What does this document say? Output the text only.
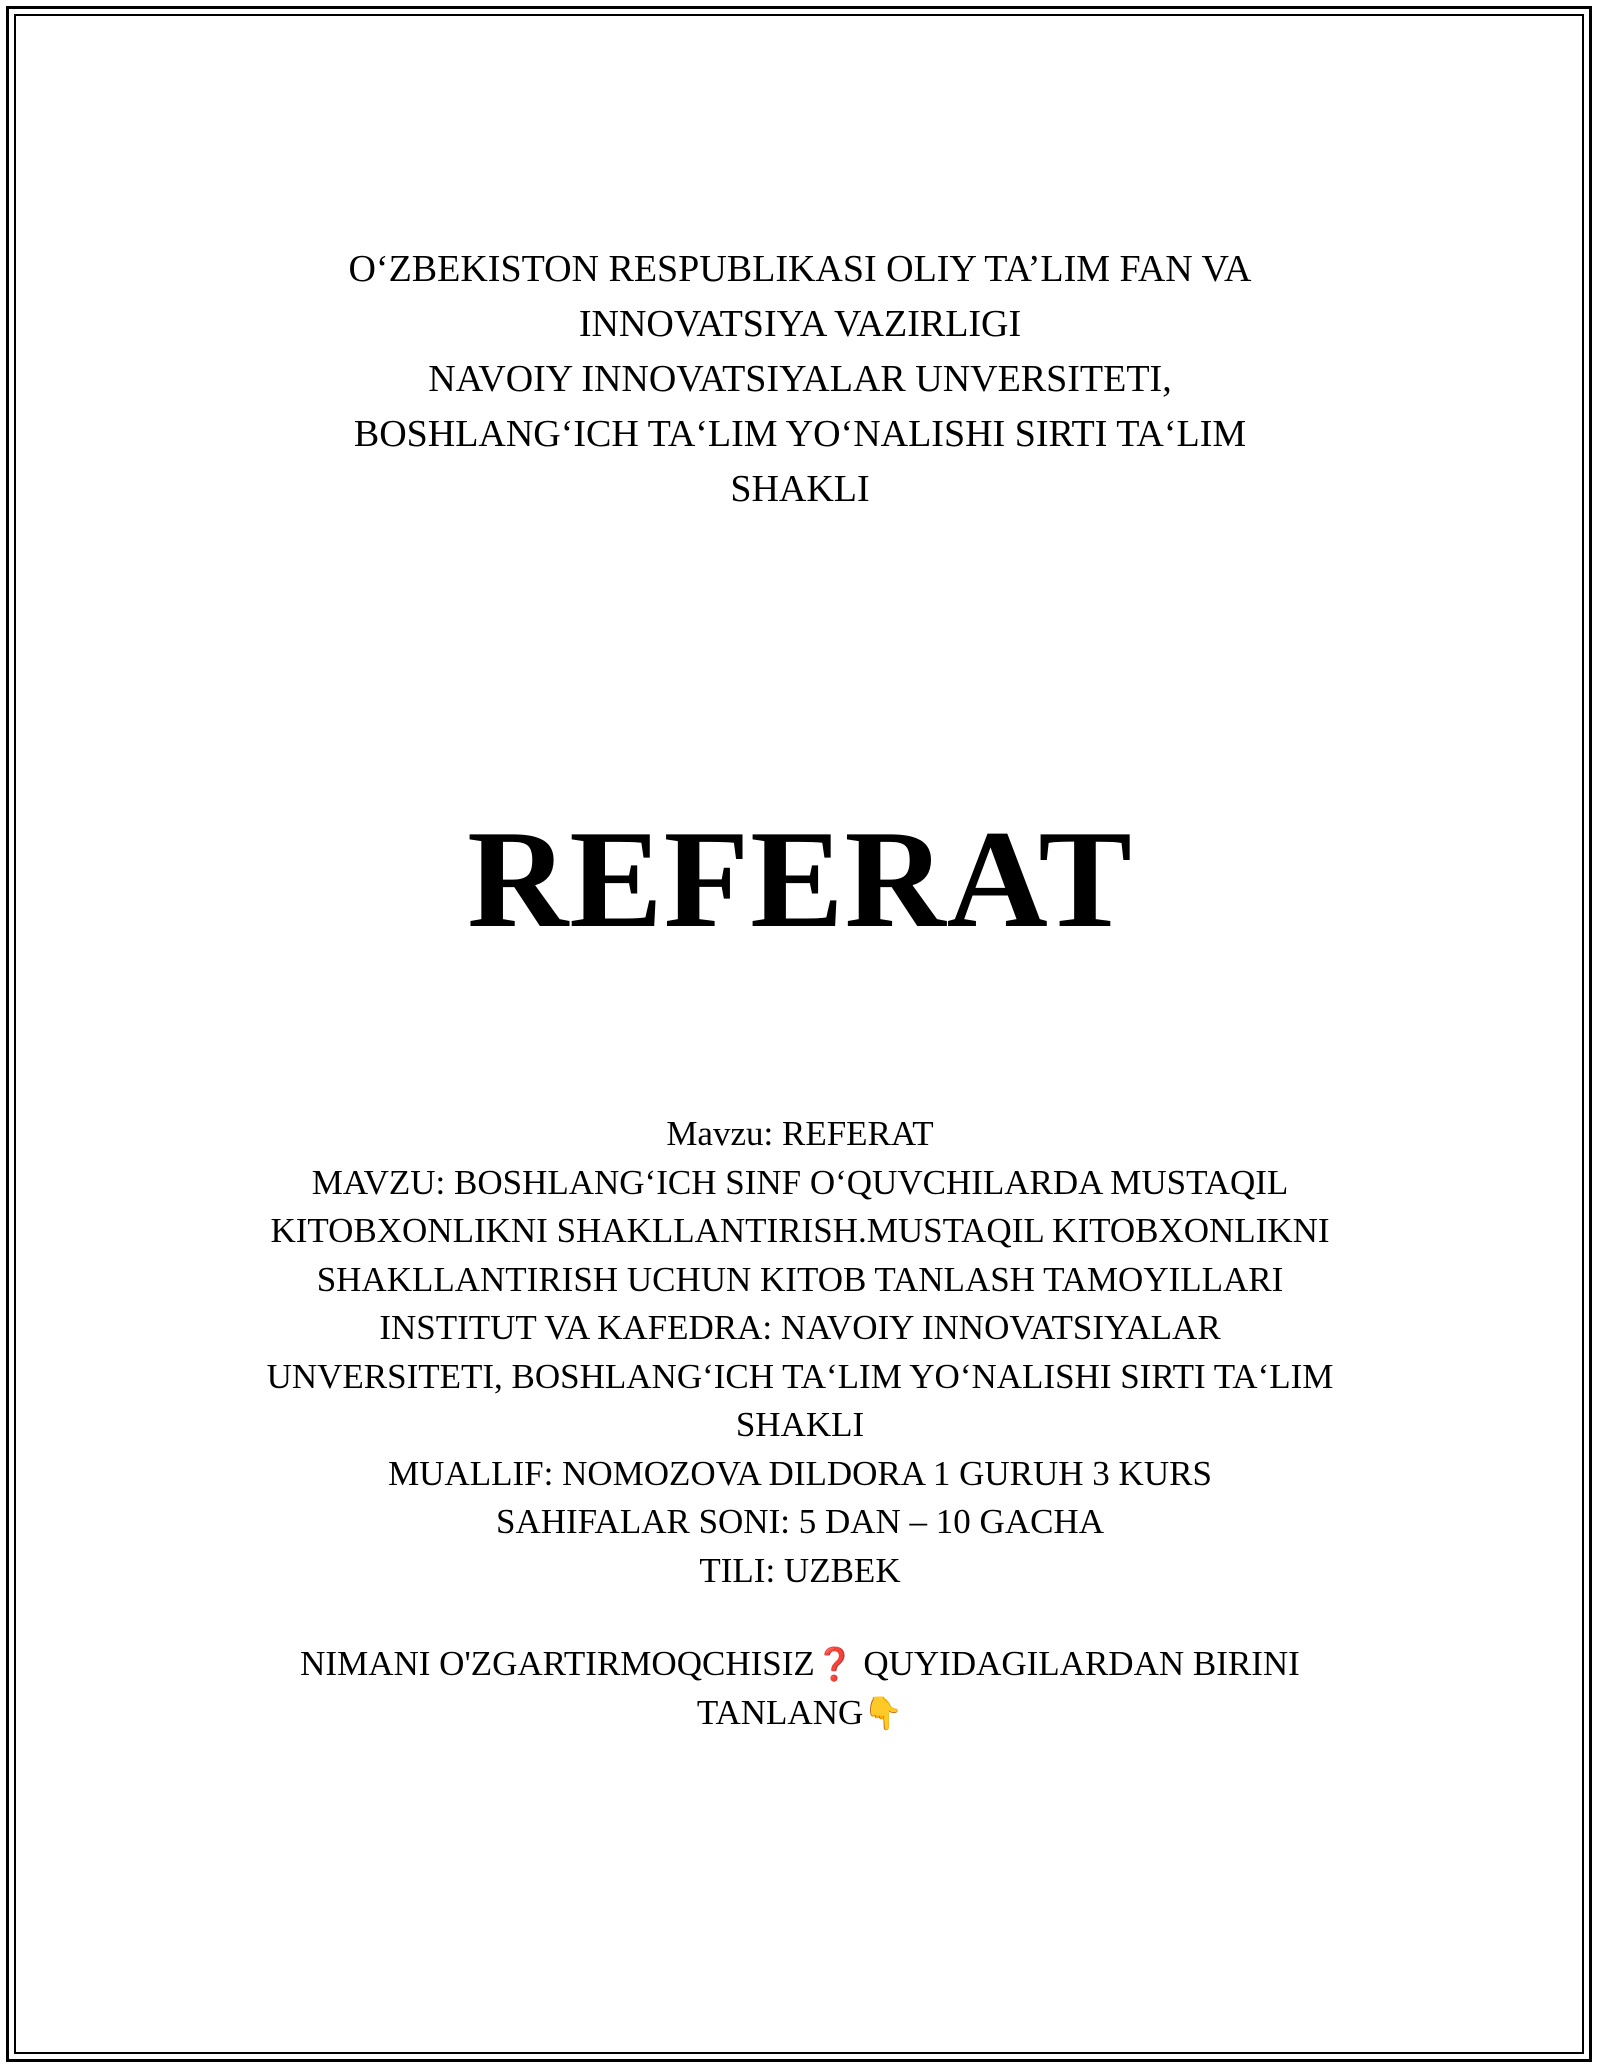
O‘ZBEKISTON RESPUBLIKASI OLIY TA’LIM FAN VA
INNOVATSIYA VAZIRLIGI
NAVOIY INNOVATSIYALAR UNVERSITETI,
BOSHLANG‘ICH TA‘LIM YO‘NALISHI SIRTI TA‘LIM
SHAKLI
REFERAT
Mavzu: REFERAT
MAVZU: BOSHLANG‘ICH SINF O‘QUVCHILARDA MUSTAQIL
KITOBXONLIKNI SHAKLLANTIRISH.MUSTAQIL KITOBXONLIKNI
SHAKLLANTIRISH UCHUN KITOB TANLASH TAMOYILLARI
INSTITUT VA KAFEDRA: NAVOIY INNOVATSIYALAR
UNVERSITETI, BOSHLANG‘ICH TA‘LIM YO‘NALISHI SIRTI TA‘LIM
SHAKLI
MUALLIF: NOMOZOVA DILDORA 1 GURUH 3 KURS
SAHIFALAR SONI: 5 DAN – 10 GACHA
TILI: UZBEK
NIMANI O'ZGARTIRMOQCHISIZ❓ QUYIDAGILARDAN BIRINI
TANLANG👇
